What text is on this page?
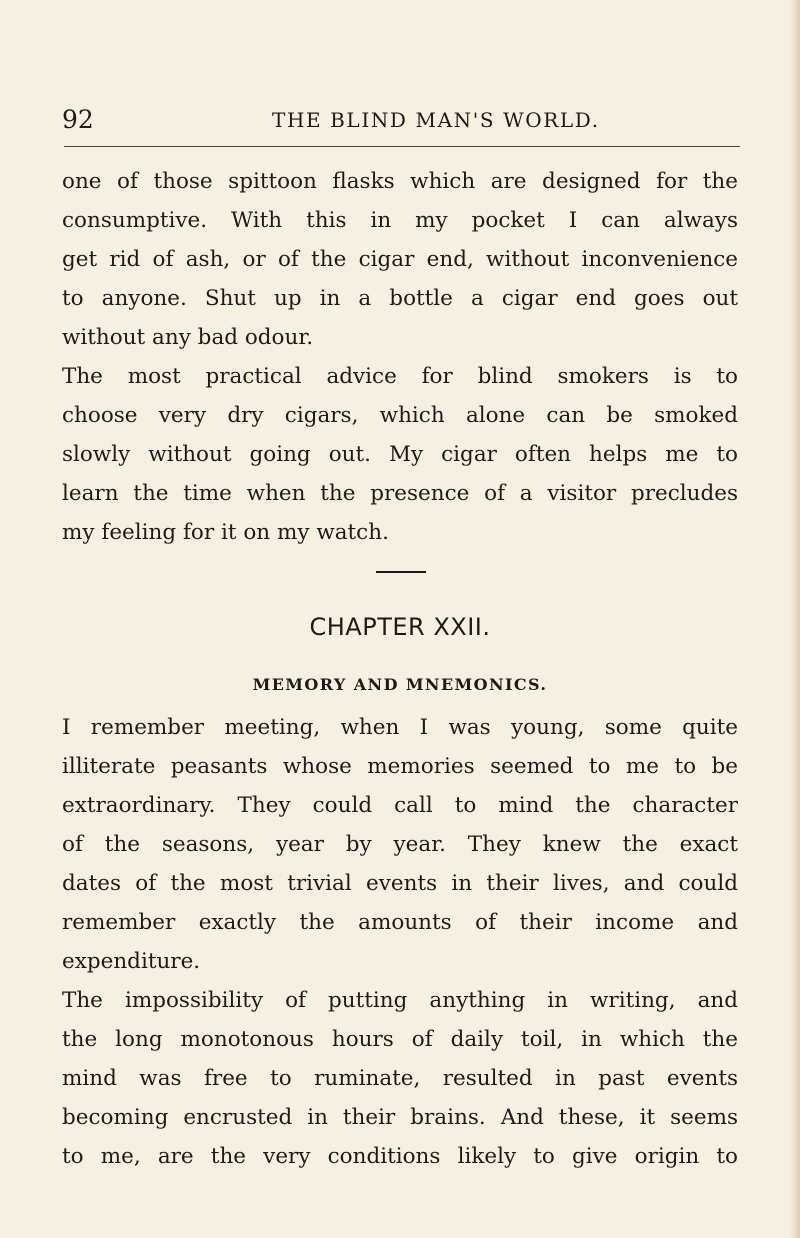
92	THE BLIND MAN'S WORLD.
one of those spittoon flasks which are designed for the
consumptive. With this in my pocket I can always
get rid of ash, or of the cigar end, without inconvenience
to anyone. Shut up in a bottle a cigar end goes out
without any bad odour.
The most practical advice for blind smokers is to
choose very dry cigars, which alone can be smoked
slowly without going out. My cigar often helps me to
learn the time when the presence of a visitor precludes
my feeling for it on my watch.
CHAPTER XXII.
MEMORY AND MNEMONICS.
I remember meeting, when I was young, some quite
illiterate peasants whose memories seemed to me to be
extraordinary. They could call to mind the character
of the seasons, year by year. They knew the exact
dates of the most trivial events in their lives, and could
remember exactly the amounts of their income and
expenditure.
The impossibility of putting anything in writing, and
the long monotonous hours of daily toil, in which the
mind was free to ruminate, resulted in past events
becoming encrusted in their brains. And these, it seems
to me, are the very conditions likely to give origin to
